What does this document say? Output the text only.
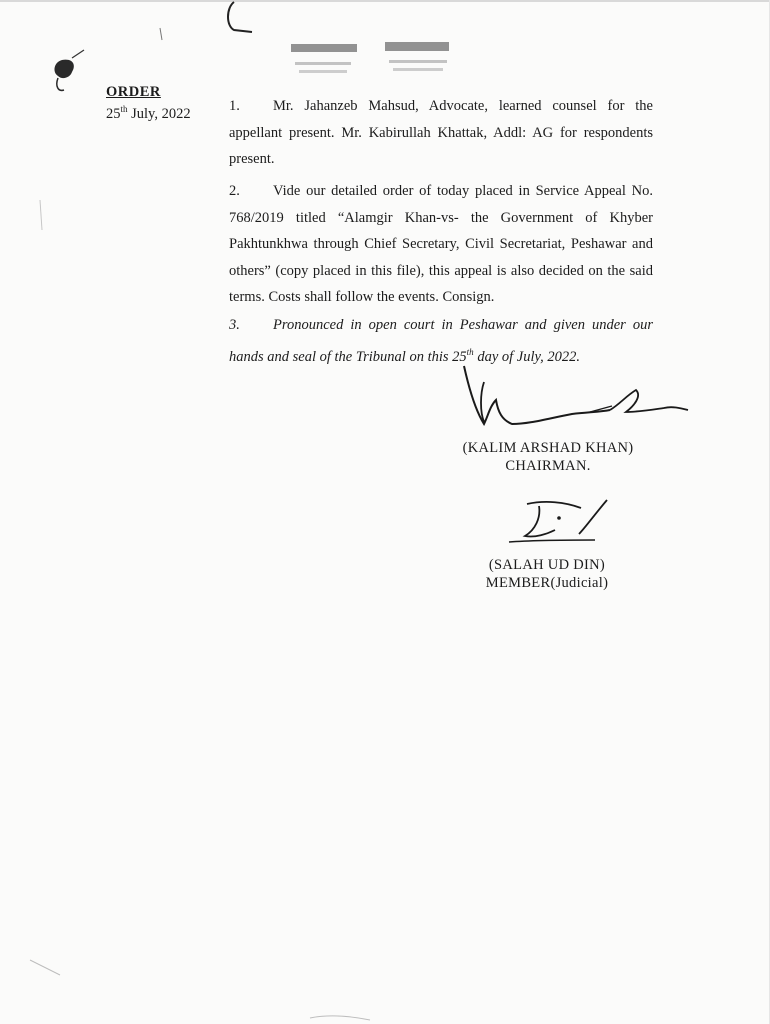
ORDER
25th July, 2022	1. Mr. Jahanzeb Mahsud, Advocate, learned counsel for the appellant present. Mr. Kabirullah Khattak, Addl: AG for respondents present.
2. Vide our detailed order of today placed in Service Appeal No. 768/2019 titled “Alamgir Khan-vs- the Government of Khyber Pakhtunkhwa through Chief Secretary, Civil Secretariat, Peshawar and others” (copy placed in this file), this appeal is also decided on the said terms. Costs shall follow the events. Consign.
3. Pronounced in open court in Peshawar and given under our hands and seal of the Tribunal on this 25th day of July, 2022.
(KALIM ARSHAD KHAN)
CHAIRMAN.
(SALAH UD DIN)
MEMBER(Judicial)
